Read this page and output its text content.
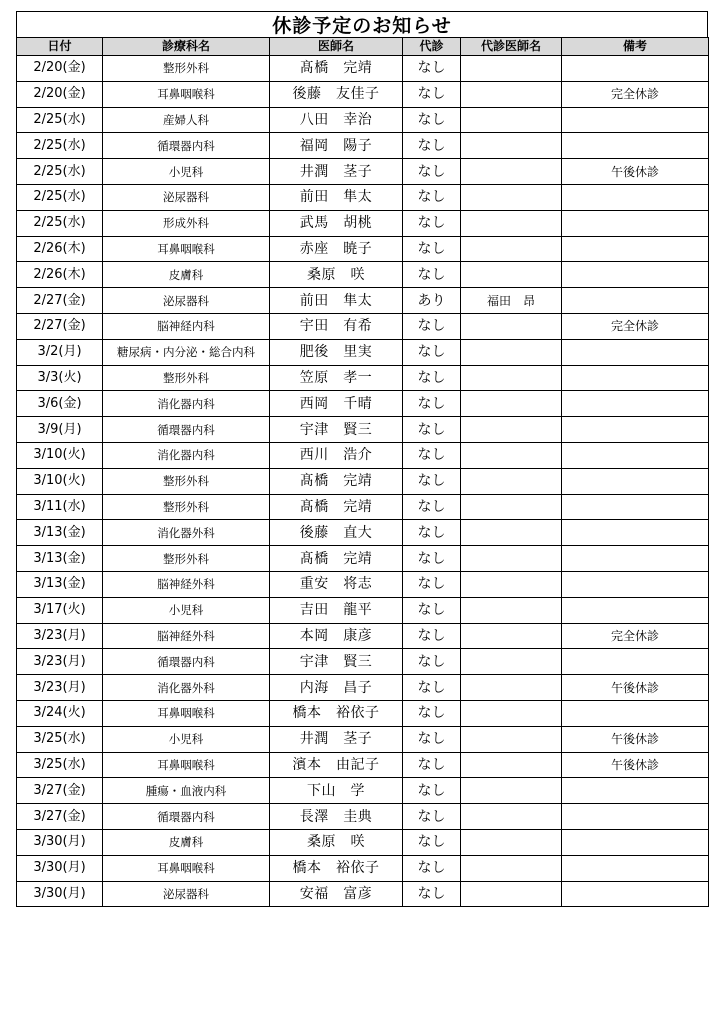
休診予定のお知らせ
日付	診療科名	医師名	代診	代診医師名	備考
2/20(金)	整形外科	髙橋　完靖	なし		
2/20(金)	耳鼻咽喉科	後藤　友佳子	なし		完全休診
2/25(水)	産婦人科	八田　幸治	なし		
2/25(水)	循環器内科	福岡　陽子	なし		
2/25(水)	小児科	井潤　茎子	なし		午後休診
2/25(水)	泌尿器科	前田　隼太	なし		
2/25(水)	形成外科	武馬　胡桃	なし		
2/26(木)	耳鼻咽喉科	赤座　暁子	なし		
2/26(木)	皮膚科	桑原　咲	なし		
2/27(金)	泌尿器科	前田　隼太	あり	福田　昂	
2/27(金)	脳神経内科	宇田　有希	なし		完全休診
3/2(月)	糖尿病・内分泌・総合内科	肥後　里実	なし		
3/3(火)	整形外科	笠原　孝一	なし		
3/6(金)	消化器内科	西岡　千晴	なし		
3/9(月)	循環器内科	宇津　賢三	なし		
3/10(火)	消化器内科	西川　浩介	なし		
3/10(火)	整形外科	髙橋　完靖	なし		
3/11(水)	整形外科	髙橋　完靖	なし		
3/13(金)	消化器外科	後藤　直大	なし		
3/13(金)	整形外科	髙橋　完靖	なし		
3/13(金)	脳神経外科	重安　将志	なし		
3/17(火)	小児科	吉田　龍平	なし		
3/23(月)	脳神経外科	本岡　康彦	なし		完全休診
3/23(月)	循環器内科	宇津　賢三	なし		
3/23(月)	消化器外科	内海　昌子	なし		午後休診
3/24(火)	耳鼻咽喉科	橋本　裕依子	なし		
3/25(水)	小児科	井潤　茎子	なし		午後休診
3/25(水)	耳鼻咽喉科	濱本　由記子	なし		午後休診
3/27(金)	腫瘍・血液内科	下山　学	なし		
3/27(金)	循環器内科	長澤　圭典	なし		
3/30(月)	皮膚科	桑原　咲	なし		
3/30(月)	耳鼻咽喉科	橋本　裕依子	なし		
3/30(月)	泌尿器科	安福　富彦	なし		
